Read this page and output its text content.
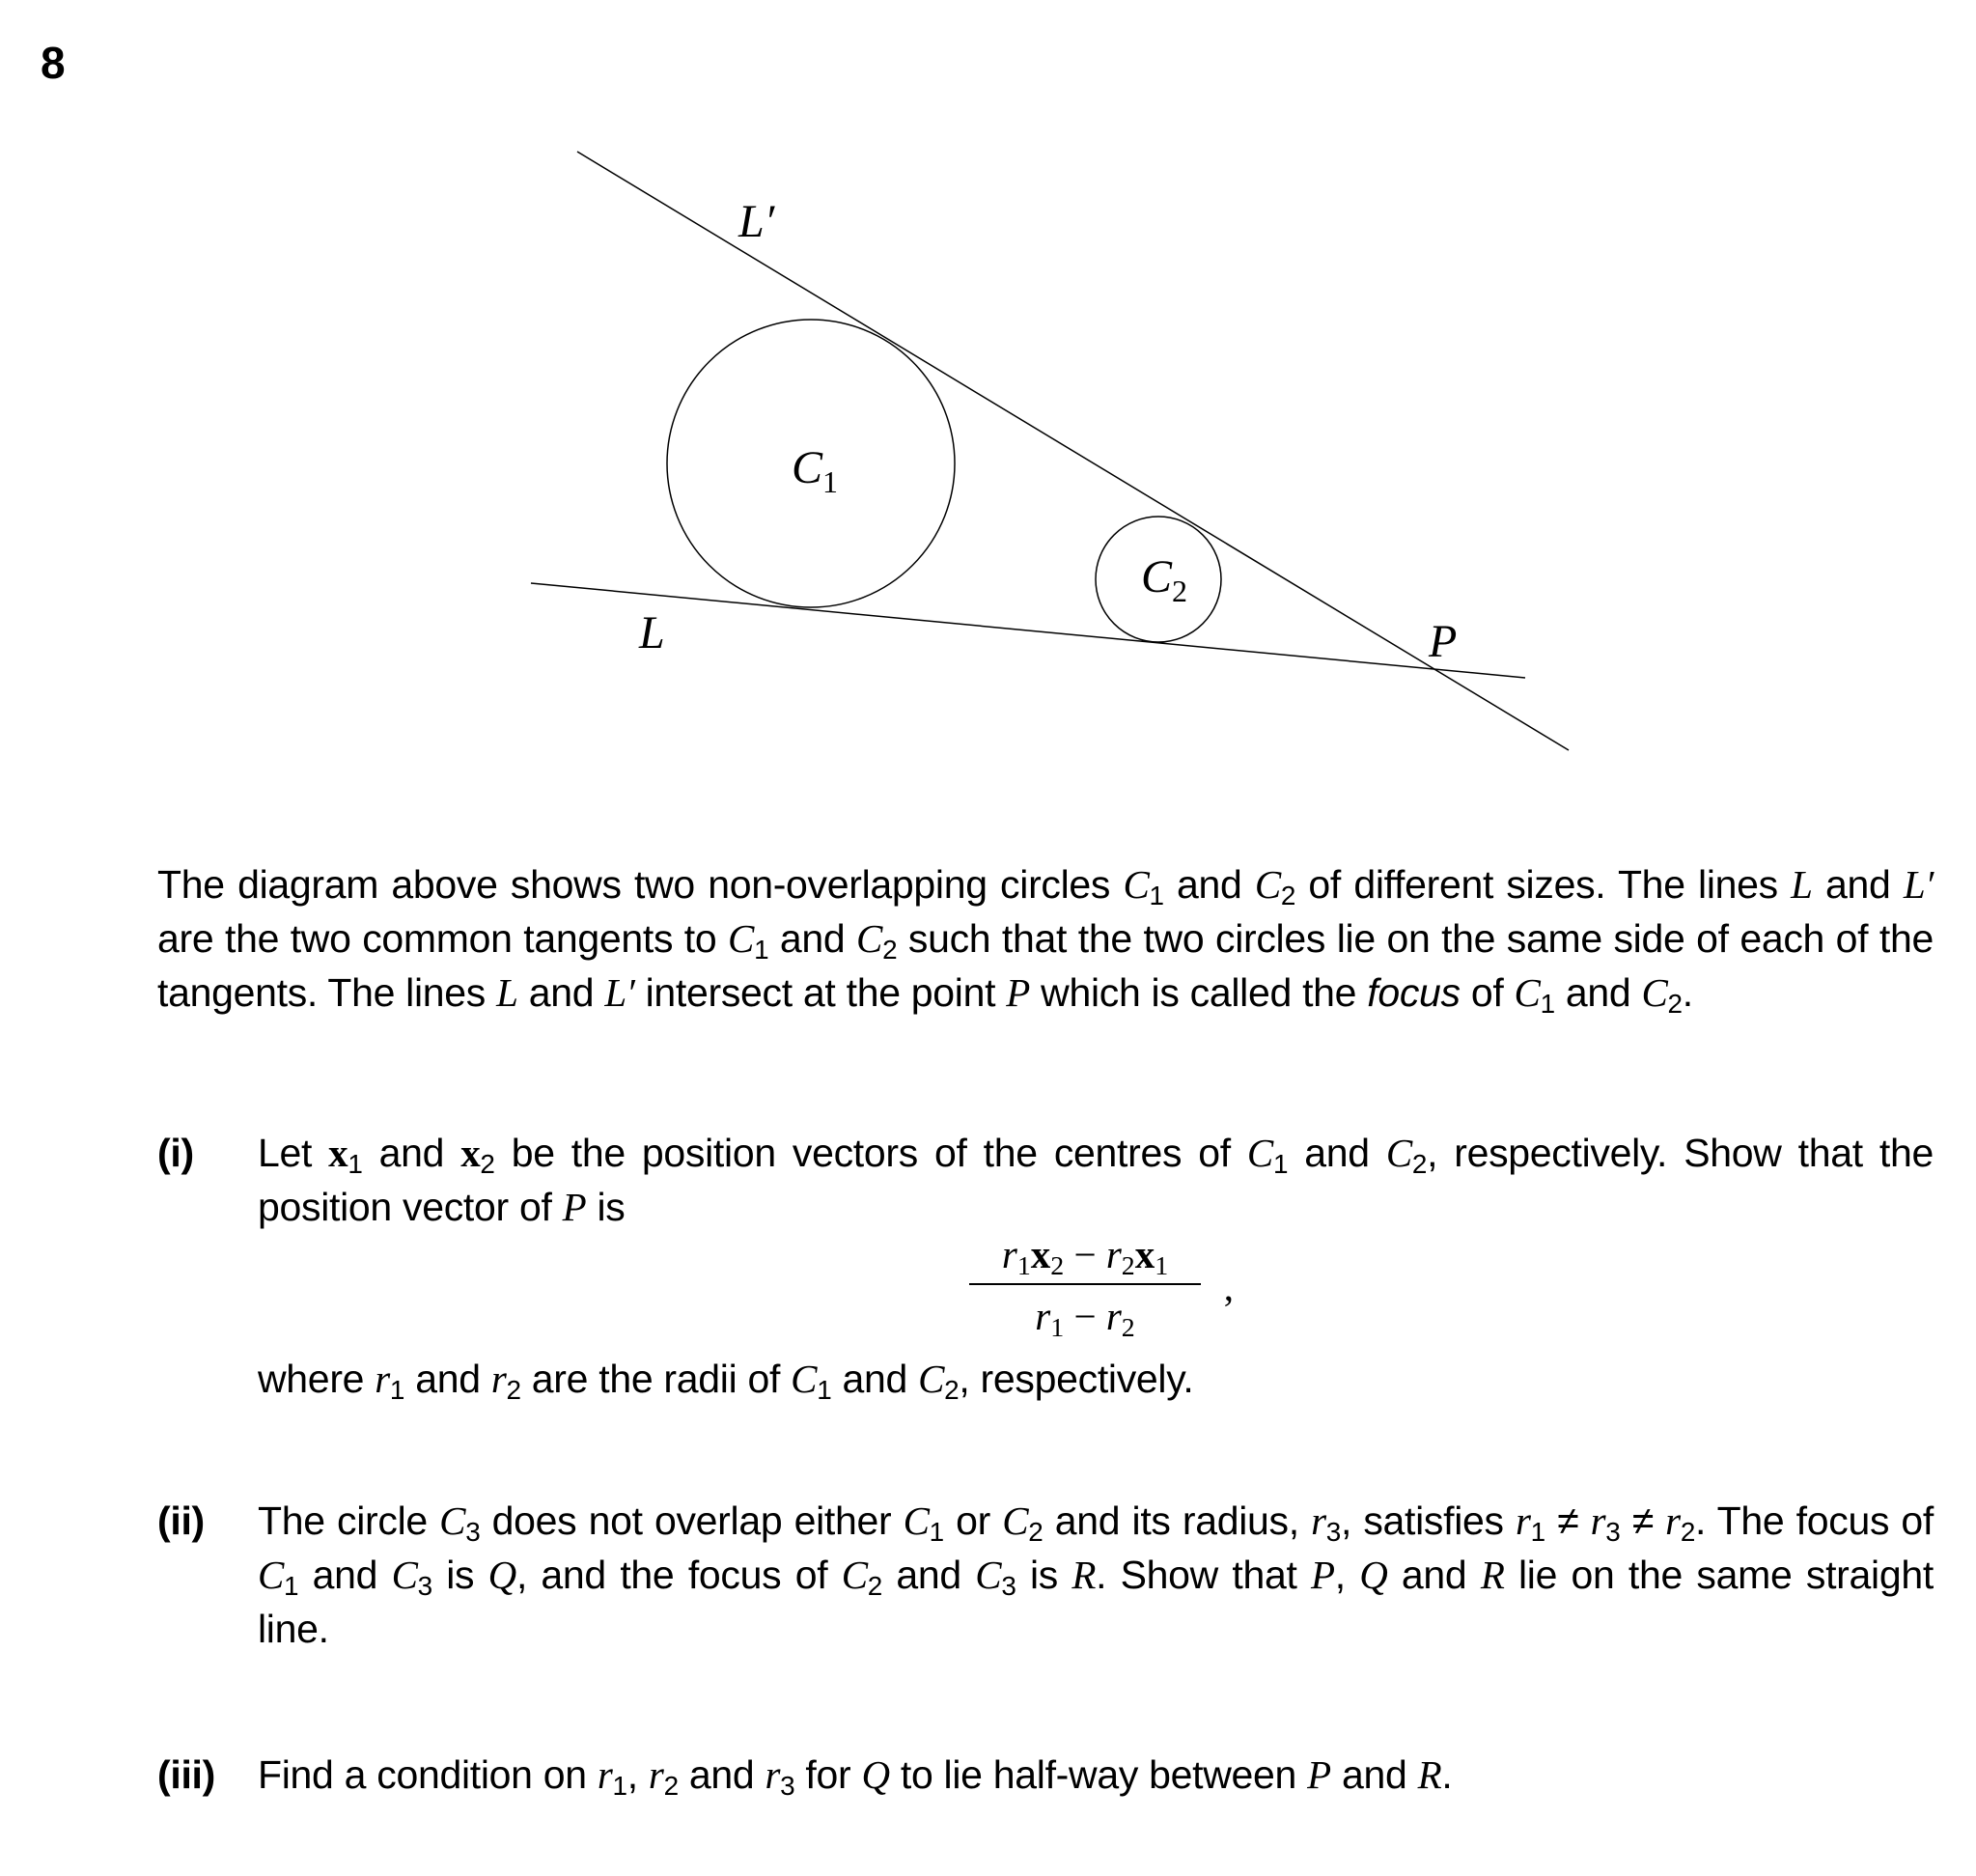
8
L′
L	P
$C_1$
$C_2$
The diagram above shows two non-overlapping circles $C_1$ and $C_2$ of different sizes. The lines L and L′ are the two common tangents to $C_1$ and $C_2$ such that the two circles lie on the same side of each of the tangents. The lines L and L′ intersect at the point P which is called the focus of $C_1$ and $C_2$.
(i) Let $x_1$ and $x_2$ be the position vectors of the centres of $C_1$ and $C_2$, respectively. Show that the position vector of P is
$r_1x_2 - r_2x_1$
$r_1 - r_2$
,
where $r_1$ and $r_2$ are the radii of $C_1$ and $C_2$, respectively.
(ii) The circle $C_3$ does not overlap either $C_1$ or $C_2$ and its radius, $r_3$, satisfies $r_1 \ne r_3 \ne r_2$. The focus of $C_1$ and $C_3$ is Q, and the focus of $C_2$ and $C_3$ is R. Show that P, Q and R lie on the same straight line.
(iii) Find a condition on $r_1$, $r_2$ and $r_3$ for Q to lie half-way between P and R.
